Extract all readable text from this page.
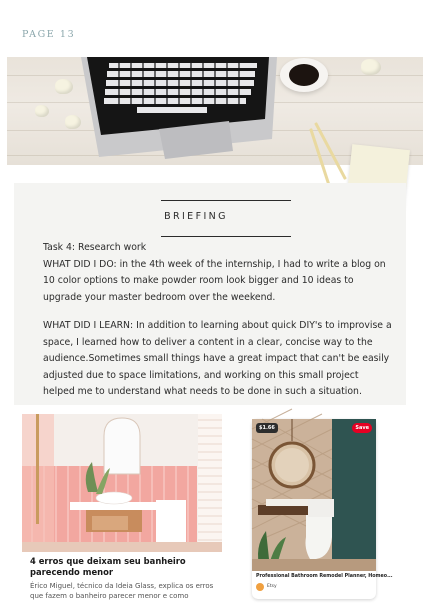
PAGE 13
BRIEFING

Task 4: Research work

WHAT DID I DO: in the 4th week of the internship, I had to write a blog on

10 color options to make powder room look bigger and 10 ideas to

upgrade your master bedroom over the weekend.

WHAT DID I LEARN: In addition to learning about quick DIY's to improvise a

space, I learned how to deliver a content in a clear, concise way to the

audience.Sometimes small things have a great impact that can't be easily

adjusted due to space limitations, and working on this small project

helped me to understand what needs to be done in such a situation.

4 erros que deixam seu banheiro parecendo menor
Érico Miguel, técnico da Ideia Glass, explica os erros que fazem o banheiro parecer menor e como
$1.66	Save
Professional Bathroom Remodel Planner, Homeo...
Etsy
